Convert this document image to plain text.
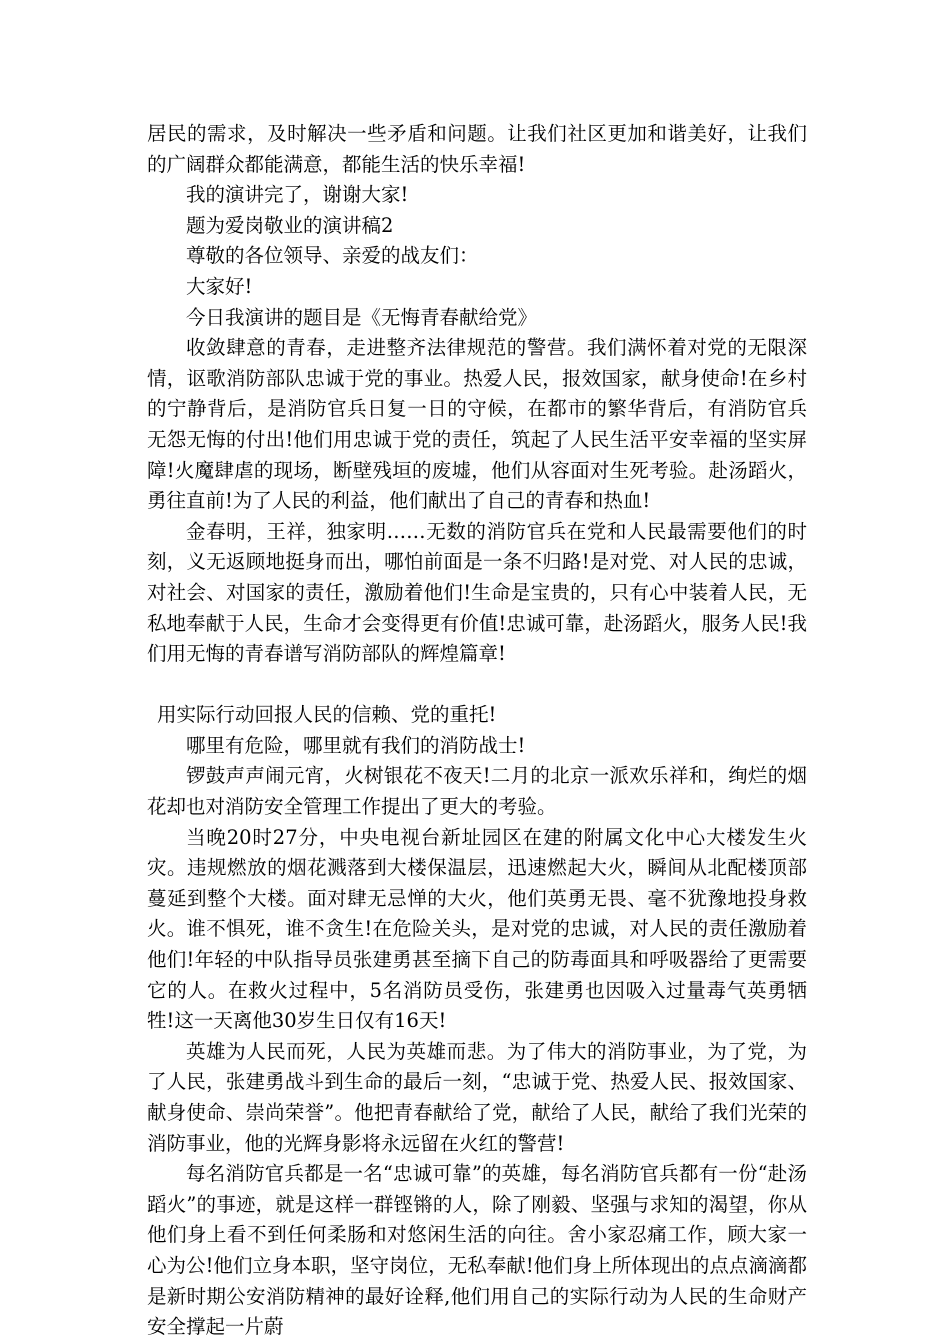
居民的需求，及时解决一些矛盾和问题。让我们社区更加和谐美好，让我们的广阔群众都能满意，都能生活的快乐幸福!

我的演讲完了，谢谢大家!

题为爱岗敬业的演讲稿2

尊敬的各位领导、亲爱的战友们：

大家好!

今日我演讲的题目是《无悔青春献给党》

收敛肆意的青春，走进整齐法律规范的警营。我们满怀着对党的无限深情，讴歌消防部队忠诚于党的事业。热爱人民，报效国家，献身使命!在乡村的宁静背后，是消防官兵日复一日的守候，在都市的繁华背后，有消防官兵无怨无悔的付出!他们用忠诚于党的责任，筑起了人民生活平安幸福的坚实屏障!火魔肆虐的现场，断壁残垣的废墟，他们从容面对生死考验。赴汤蹈火，勇往直前!为了人民的利益，他们献出了自己的青春和热血!

金春明，王祥，独家明……无数的消防官兵在党和人民最需要他们的时刻，义无返顾地挺身而出，哪怕前面是一条不归路!是对党、对人民的忠诚，对社会、对国家的责任，激励着他们!生命是宝贵的，只有心中装着人民，无私地奉献于人民，生命才会变得更有价值!忠诚可靠，赴汤蹈火，服务人民!我们用无悔的青春谱写消防部队的辉煌篇章!

用实际行动回报人民的信赖、党的重托!

哪里有危险，哪里就有我们的消防战士!

锣鼓声声闹元宵，火树银花不夜天!二月的北京一派欢乐祥和，绚烂的烟花却也对消防安全管理工作提出了更大的考验。

当晚20时27分，中央电视台新址园区在建的附属文化中心大楼发生火灾。违规燃放的烟花溅落到大楼保温层，迅速燃起大火，瞬间从北配楼顶部蔓延到整个大楼。面对肆无忌惮的大火，他们英勇无畏、毫不犹豫地投身救火。谁不惧死，谁不贪生!在危险关头，是对党的忠诚，对人民的责任激励着他们!年轻的中队指导员张建勇甚至摘下自己的防毒面具和呼吸器给了更需要它的人。在救火过程中，5名消防员受伤，张建勇也因吸入过量毒气英勇牺牲!这一天离他30岁生日仅有16天!

英雄为人民而死，人民为英雄而悲。为了伟大的消防事业，为了党，为了人民，张建勇战斗到生命的最后一刻，“忠诚于党、热爱人民、报效国家、献身使命、崇尚荣誉”。他把青春献给了党，献给了人民，献给了我们光荣的消防事业，他的光辉身影将永远留在火红的警营!

每名消防官兵都是一名“忠诚可靠”的英雄，每名消防官兵都有一份“赴汤蹈火”的事迹，就是这样一群铿锵的人，除了刚毅、坚强与求知的渴望，你从他们身上看不到任何柔肠和对悠闲生活的向往。舍小家忍痛工作，顾大家一心为公!他们立身本职，坚守岗位，无私奉献!他们身上所体现出的点点滴滴都是新时期公安消防精神的最好诠释,他们用自己的实际行动为人民的生命财产安全撑起一片蔚
